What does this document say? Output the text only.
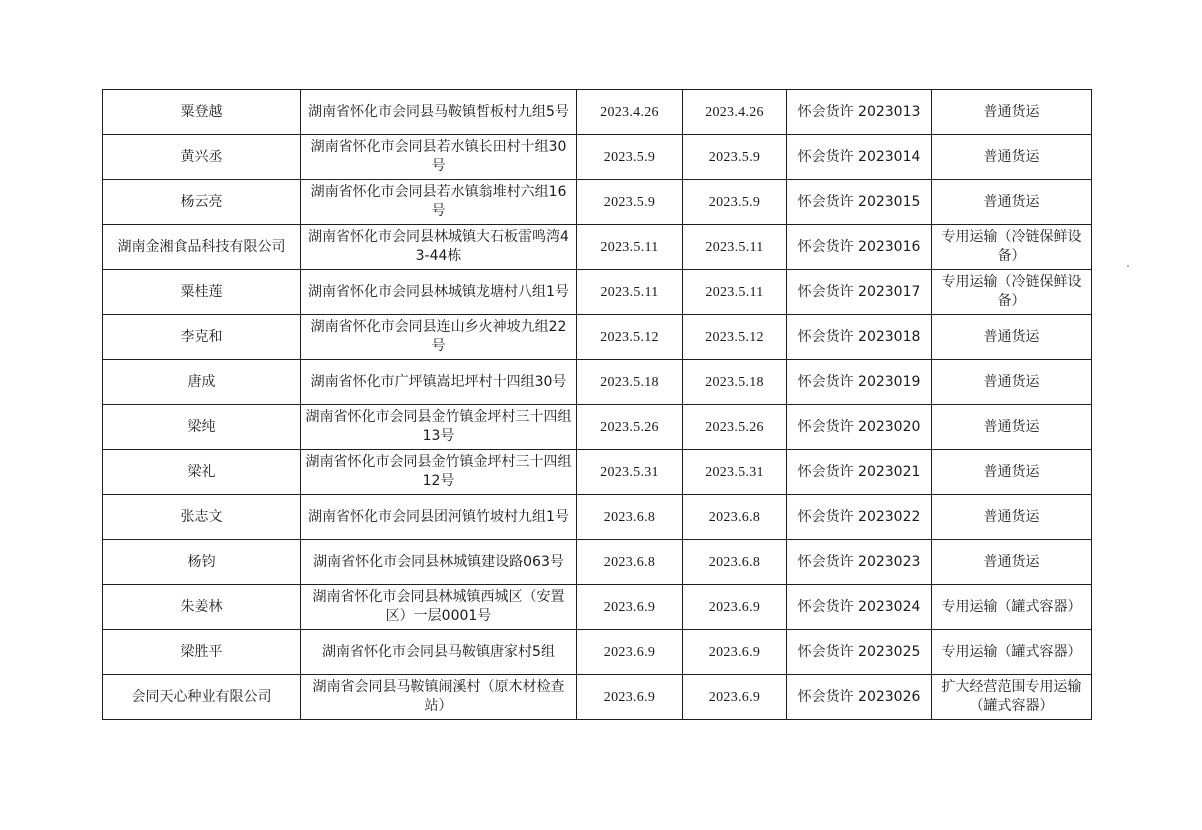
粟登越	湖南省怀化市会同县马鞍镇皙板村九组5号	2023.4.26	2023.4.26	怀会货许 2023013	普通货运
黄兴丞	湖南省怀化市会同县若水镇长田村十组30号	2023.5.9	2023.5.9	怀会货许 2023014	普通货运
杨云亮	湖南省怀化市会同县若水镇翁堆村六组16号	2023.5.9	2023.5.9	怀会货许 2023015	普通货运
湖南金湘食品科技有限公司	湖南省怀化市会同县林城镇大石板雷鸣湾43-44栋	2023.5.11	2023.5.11	怀会货许 2023016	专用运输（冷链保鲜设备）
粟桂莲	湖南省怀化市会同县林城镇龙塘村八组1号	2023.5.11	2023.5.11	怀会货许 2023017	专用运输（冷链保鲜设备）
李克和	湖南省怀化市会同县连山乡火神坡九组22号	2023.5.12	2023.5.12	怀会货许 2023018	普通货运
唐成	湖南省怀化市广坪镇嵩圯坪村十四组30号	2023.5.18	2023.5.18	怀会货许 2023019	普通货运
梁纯	湖南省怀化市会同县金竹镇金坪村三十四组13号	2023.5.26	2023.5.26	怀会货许 2023020	普通货运
梁礼	湖南省怀化市会同县金竹镇金坪村三十四组12号	2023.5.31	2023.5.31	怀会货许 2023021	普通货运
张志文	湖南省怀化市会同县团河镇竹坡村九组1号	2023.6.8	2023.6.8	怀会货许 2023022	普通货运
杨钧	湖南省怀化市会同县林城镇建设路063号	2023.6.8	2023.6.8	怀会货许 2023023	普通货运
朱姜林	湖南省怀化市会同县林城镇西城区（安置区）一层0001号	2023.6.9	2023.6.9	怀会货许 2023024	专用运输（罐式容器）
梁胜平	湖南省怀化市会同县马鞍镇唐家村5组	2023.6.9	2023.6.9	怀会货许 2023025	专用运输（罐式容器）
会同天心种业有限公司	湖南省会同县马鞍镇闹溪村（原木材检查站）	2023.6.9	2023.6.9	怀会货许 2023026	扩大经营范围专用运输（罐式容器）
